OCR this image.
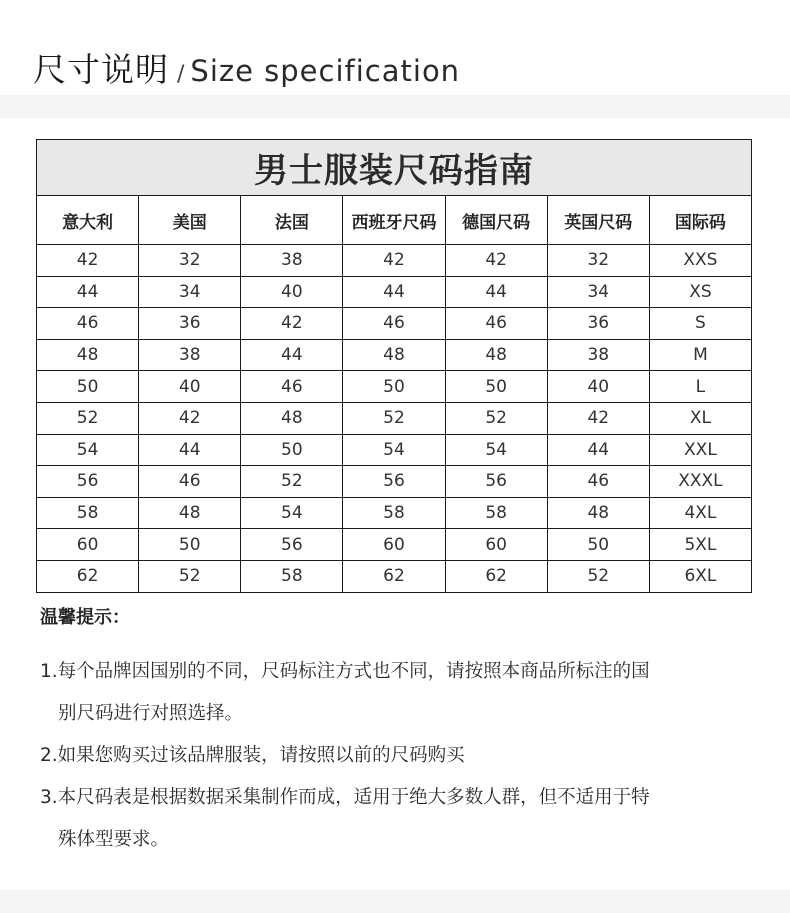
尺寸说明 / Size specification
男士服装尺码指南						
意大利	美国	法国	西班牙尺码	德国尺码	英国尺码	国际码
42	32	38	42	42	32	XXS
44	34	40	44	44	34	XS
46	36	42	46	46	36	S
48	38	44	48	48	38	M
50	40	46	50	50	40	L
52	42	48	52	52	42	XL
54	44	50	54	54	44	XXL
56	46	52	56	56	46	XXXL
58	48	54	58	58	48	4XL
60	50	56	60	60	50	5XL
62	52	58	62	62	52	6XL
温馨提示：

1.每个品牌因国别的不同，尺码标注方式也不同，请按照本商品所标注的国

别尺码进行对照选择。

2.如果您购买过该品牌服装，请按照以前的尺码购买

3.本尺码表是根据数据采集制作而成，适用于绝大多数人群，但不适用于特

殊体型要求。
